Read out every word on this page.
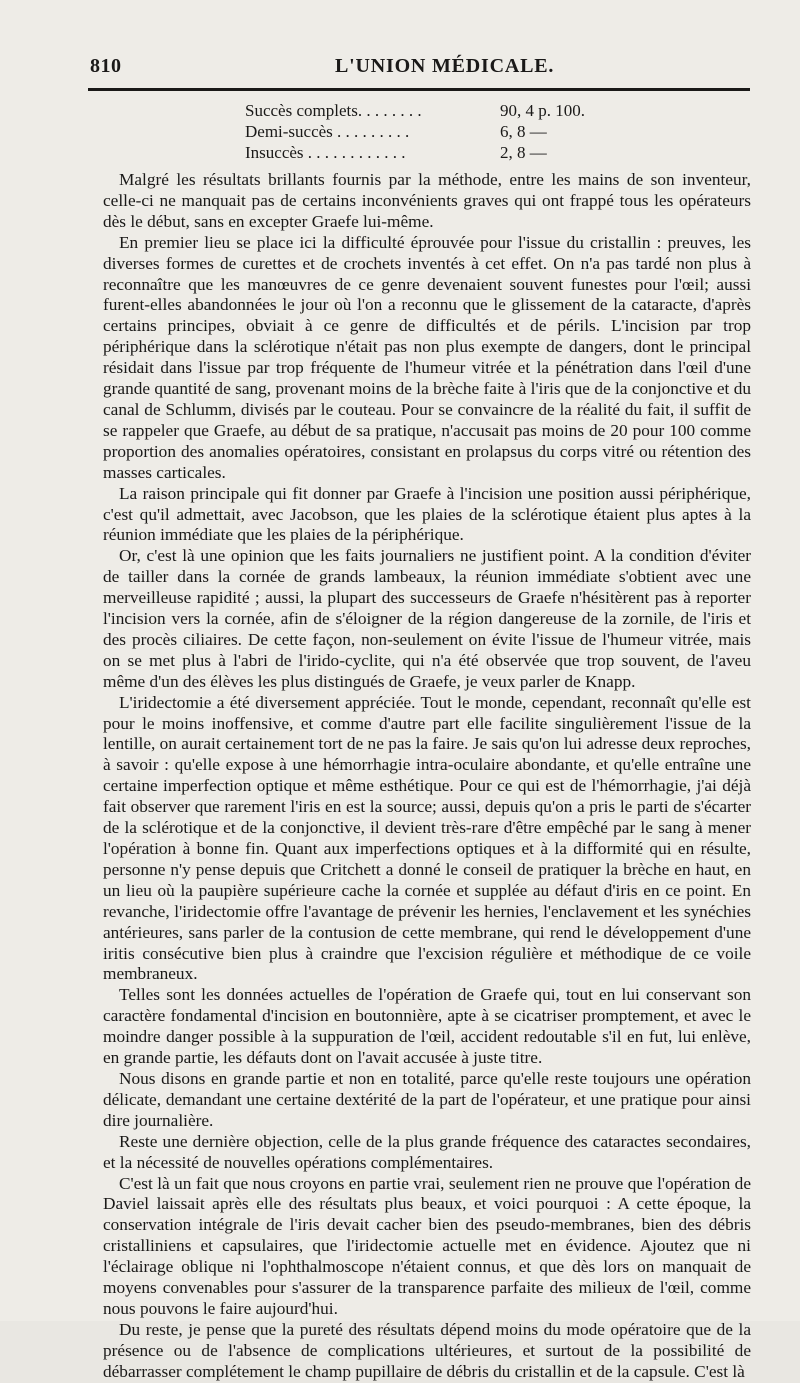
810	L'UNION MÉDICALE.
Succès complets. . . . . . . .	90, 4 p. 100.
Demi-succès . . . . . . . . .	6, 8 —
Insuccès . . . . . . . . . . . .	2, 8 —

Malgré les résultats brillants fournis par la méthode, entre les mains de son inventeur, celle-ci ne manquait pas de certains inconvénients graves qui ont frappé tous les opérateurs dès le début, sans en excepter Graefe lui-même.

En premier lieu se place ici la difficulté éprouvée pour l'issue du cristallin : preuves, les diverses formes de curettes et de crochets inventés à cet effet. On n'a pas tardé non plus à reconnaître que les manœuvres de ce genre devenaient souvent funestes pour l'œil; aussi furent-elles abandonnées le jour où l'on a reconnu que le glissement de la cataracte, d'après certains principes, obviait à ce genre de difficultés et de périls. L'incision par trop périphérique dans la sclérotique n'était pas non plus exempte de dangers, dont le principal résidait dans l'issue par trop fréquente de l'humeur vitrée et la pénétration dans l'œil d'une grande quantité de sang, provenant moins de la brèche faite à l'iris que de la conjonctive et du canal de Schlumm, divisés par le couteau. Pour se convaincre de la réalité du fait, il suffit de se rappeler que Graefe, au début de sa pratique, n'accusait pas moins de 20 pour 100 comme proportion des anomalies opératoires, consistant en prolapsus du corps vitré ou rétention des masses carticales.

La raison principale qui fit donner par Graefe à l'incision une position aussi périphérique, c'est qu'il admettait, avec Jacobson, que les plaies de la sclérotique étaient plus aptes à la réunion immédiate que les plaies de la périphérique.

Or, c'est là une opinion que les faits journaliers ne justifient point. A la condition d'éviter de tailler dans la cornée de grands lambeaux, la réunion immédiate s'obtient avec une merveilleuse rapidité ; aussi, la plupart des successeurs de Graefe n'hésitèrent pas à reporter l'incision vers la cornée, afin de s'éloigner de la région dangereuse de la zornile, de l'iris et des procès ciliaires. De cette façon, non-seulement on évite l'issue de l'humeur vitrée, mais on se met plus à l'abri de l'irido-cyclite, qui n'a été observée que trop souvent, de l'aveu même d'un des élèves les plus distingués de Graefe, je veux parler de Knapp.

L'iridectomie a été diversement appréciée. Tout le monde, cependant, reconnaît qu'elle est pour le moins inoffensive, et comme d'autre part elle facilite singulièrement l'issue de la lentille, on aurait certainement tort de ne pas la faire. Je sais qu'on lui adresse deux reproches, à savoir : qu'elle expose à une hémorrhagie intra-oculaire abondante, et qu'elle entraîne une certaine imperfection optique et même esthétique. Pour ce qui est de l'hémorrhagie, j'ai déjà fait observer que rarement l'iris en est la source; aussi, depuis qu'on a pris le parti de s'écarter de la sclérotique et de la conjonctive, il devient très-rare d'être empêché par le sang à mener l'opération à bonne fin. Quant aux imperfections optiques et à la difformité qui en résulte, personne n'y pense depuis que Critchett a donné le conseil de pratiquer la brèche en haut, en un lieu où la paupière supérieure cache la cornée et supplée au défaut d'iris en ce point. En revanche, l'iridectomie offre l'avantage de prévenir les hernies, l'enclavement et les synéchies antérieures, sans parler de la contusion de cette membrane, qui rend le développement d'une iritis consécutive bien plus à craindre que l'excision régulière et méthodique de ce voile membraneux.

Telles sont les données actuelles de l'opération de Graefe qui, tout en lui conservant son caractère fondamental d'incision en boutonnière, apte à se cicatriser promptement, et avec le moindre danger possible à la suppuration de l'œil, accident redoutable s'il en fut, lui enlève, en grande partie, les défauts dont on l'avait accusée à juste titre.

Nous disons en grande partie et non en totalité, parce qu'elle reste toujours une opération délicate, demandant une certaine dextérité de la part de l'opérateur, et une pratique pour ainsi dire journalière.

Reste une dernière objection, celle de la plus grande fréquence des cataractes secondaires, et la nécessité de nouvelles opérations complémentaires.

C'est là un fait que nous croyons en partie vrai, seulement rien ne prouve que l'opération de Daviel laissait après elle des résultats plus beaux, et voici pourquoi : A cette époque, la conservation intégrale de l'iris devait cacher bien des pseudo-membranes, bien des débris cristalliniens et capsulaires, que l'iridectomie actuelle met en évidence. Ajoutez que ni l'éclairage oblique ni l'ophthalmoscope n'étaient connus, et que dès lors on manquait de moyens convenables pour s'assurer de la transparence parfaite des milieux de l'œil, comme nous pouvons le faire aujourd'hui.

Du reste, je pense que la pureté des résultats dépend moins du mode opératoire que de la présence ou de l'absence de complications ultérieures, et surtout de la possibilité de débarrasser complétement le champ pupillaire de débris du cristallin et de la capsule. C'est là
